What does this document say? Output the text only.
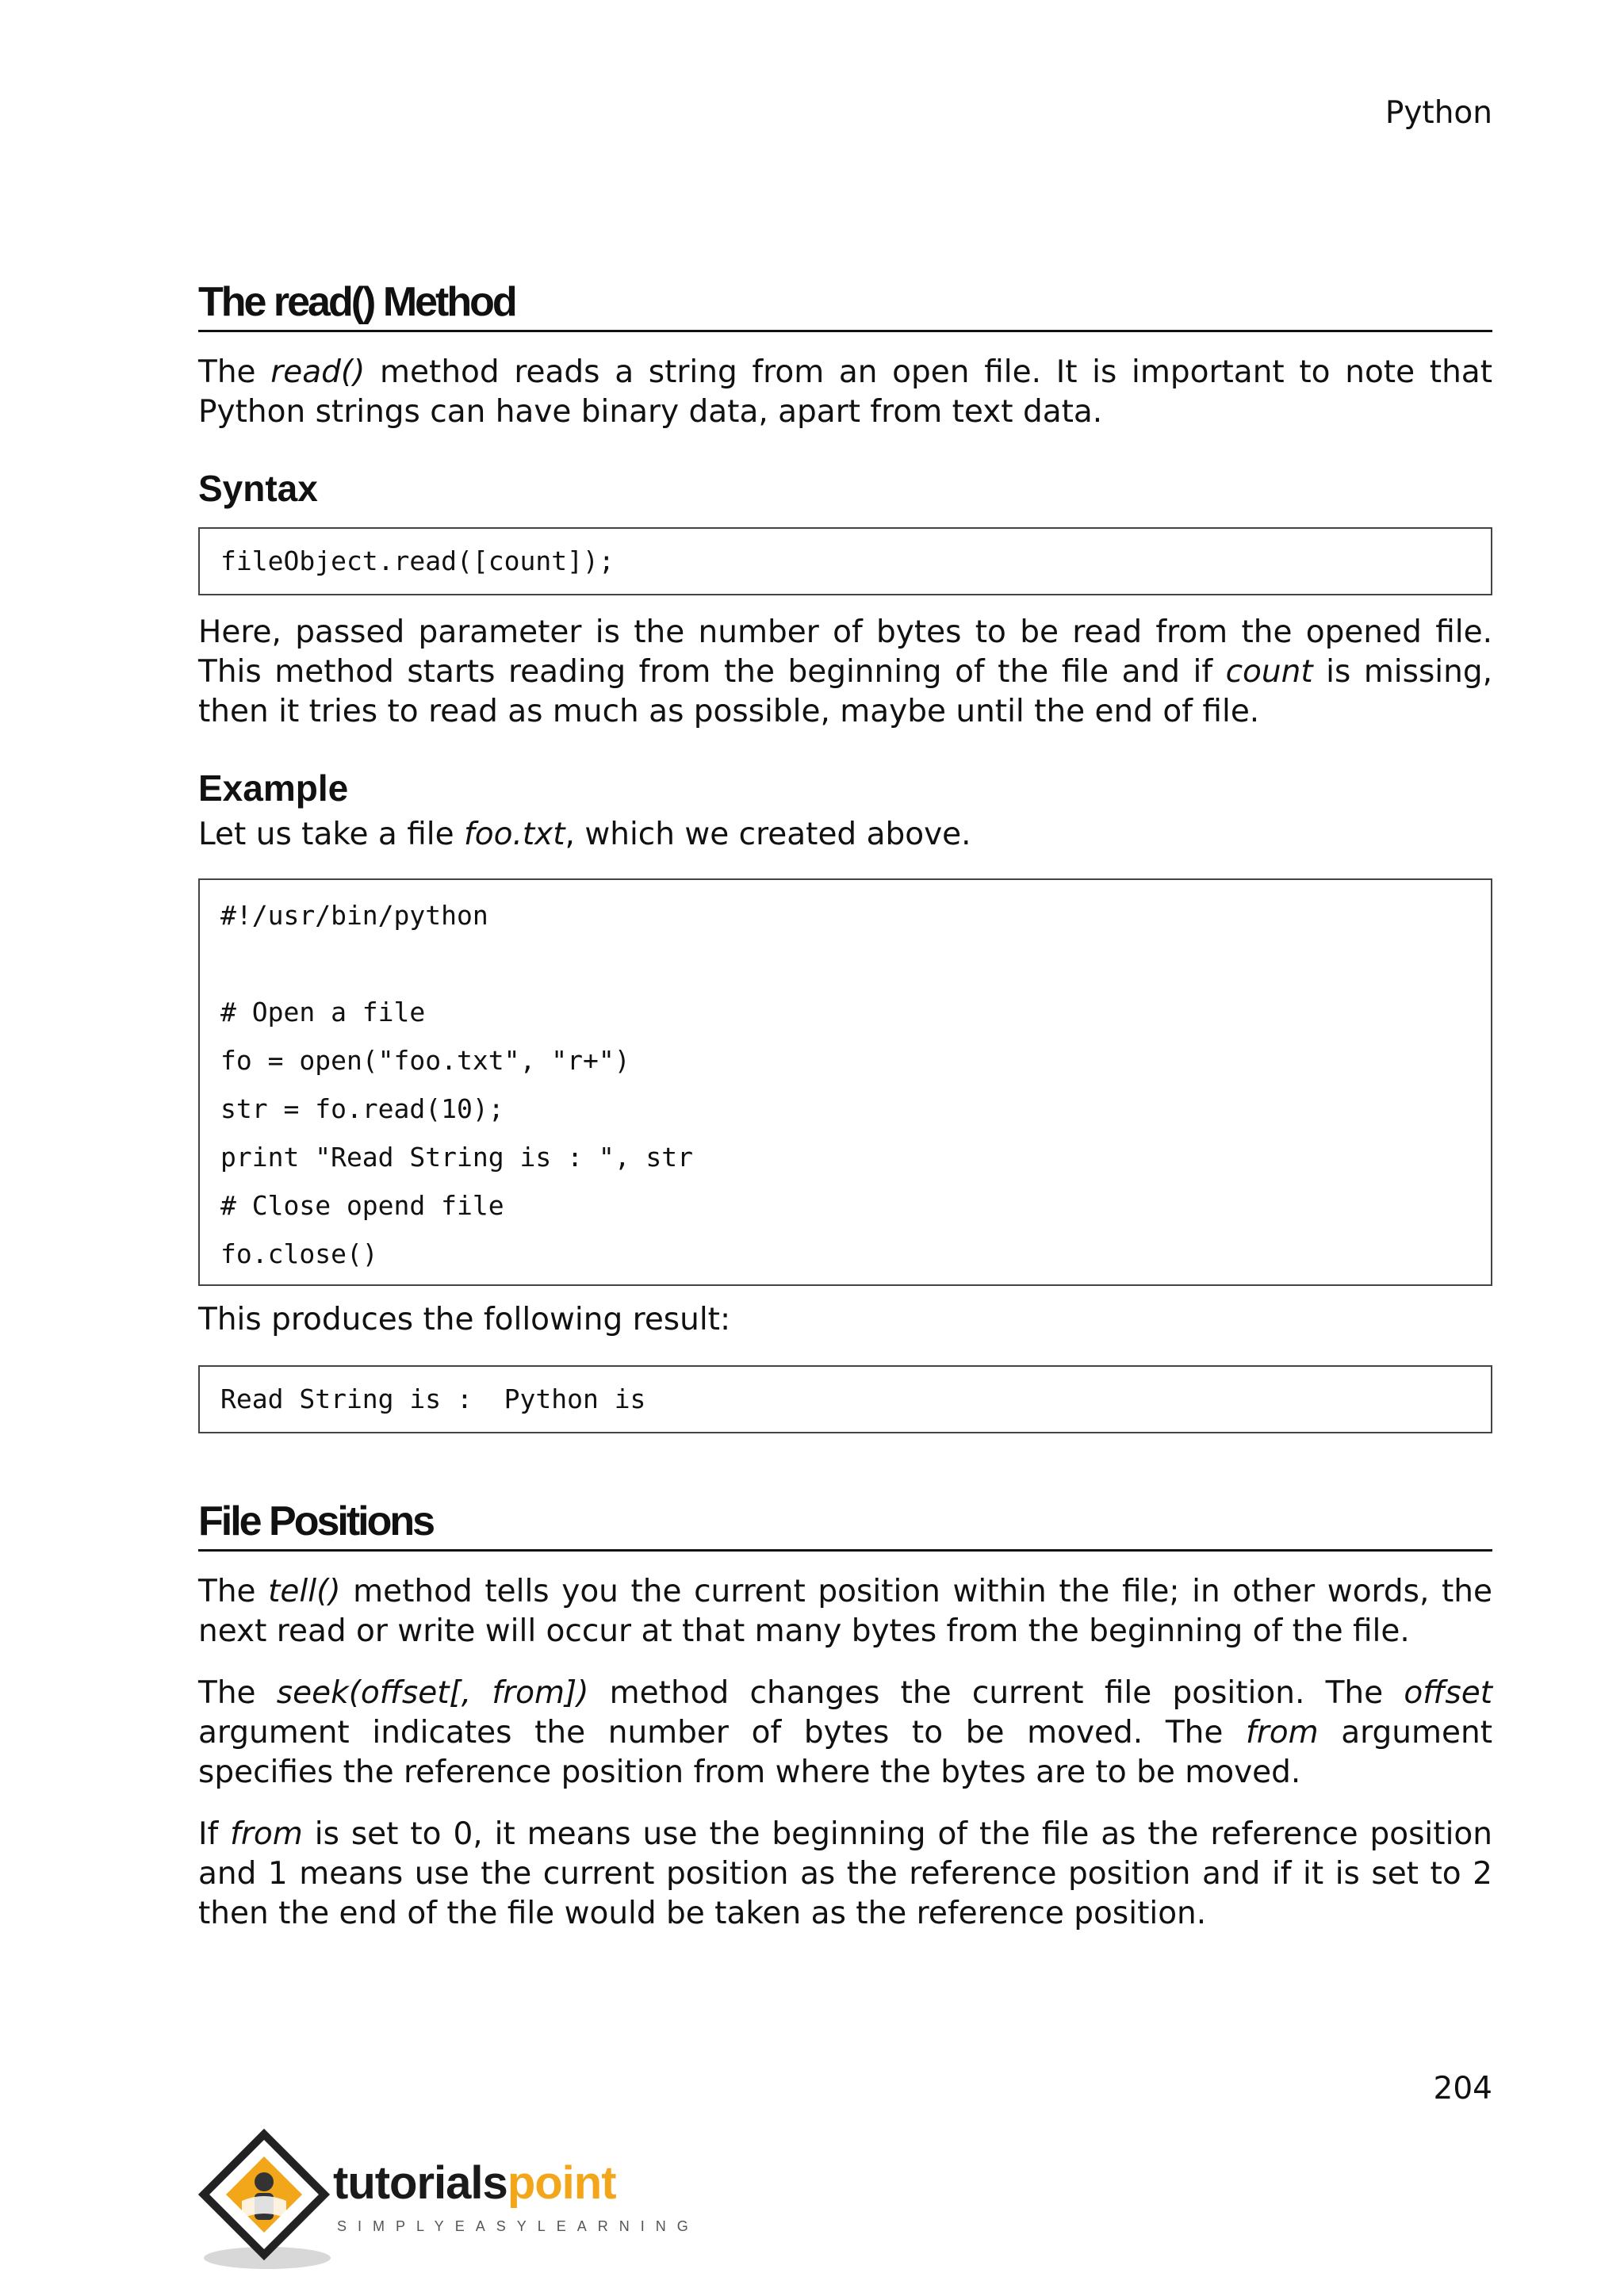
Python
The read() Method

The read() method reads a string from an open file. It is important to note that Python strings can have binary data, apart from text data.

Syntax
fileObject.read([count]);

Here, passed parameter is the number of bytes to be read from the opened file. This method starts reading from the beginning of the file and if count is missing, then it tries to read as much as possible, maybe until the end of file.

Example

Let us take a file foo.txt, which we created above.

#!/usr/bin/python
# Open a file
fo = open("foo.txt", "r+")
str = fo.read(10);
print "Read String is : ", str
# Close opend file
fo.close()

This produces the following result:

Read String is :  Python is
File Positions

The tell() method tells you the current position within the file; in other words, the next read or write will occur at that many bytes from the beginning of the file.

The seek(offset[, from]) method changes the current file position. The offset argument indicates the number of bytes to be moved. The from argument specifies the reference position from where the bytes are to be moved.

If from is set to 0, it means use the beginning of the file as the reference position and 1 means use the current position as the reference position and if it is set to 2 then the end of the file would be taken as the reference position.

204
tutorialspoint
SIMPLYEASYLEARNING
